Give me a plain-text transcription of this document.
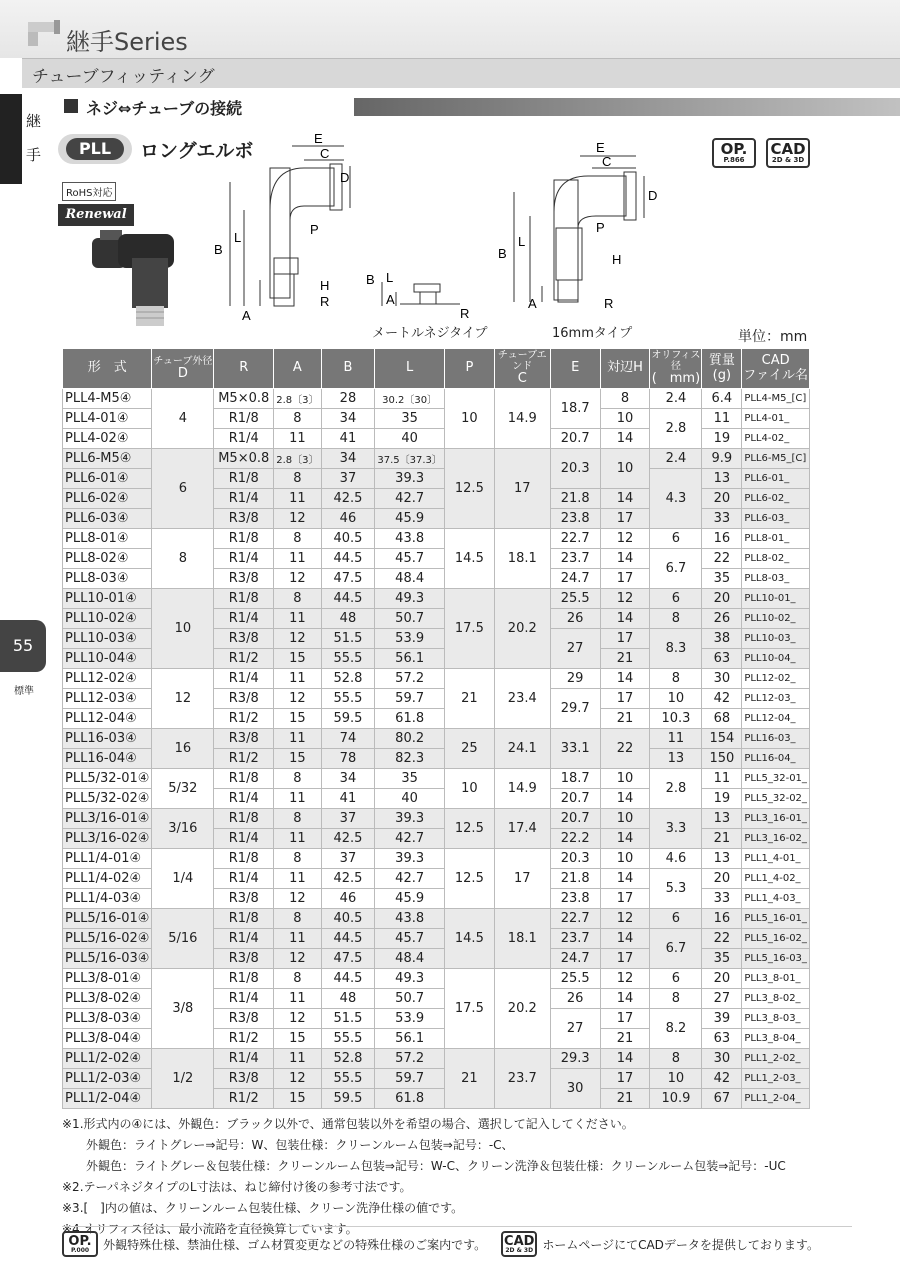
継手Series
チューブフィッティング
継
手
55
標準
ネジ⇔チューブの接続
PLL	ロングエルボ
RoHS対応
Renewal
E
C
D
P
B
L
H
R
A
B L
A
R
メートルネジタイプ
E
C
D
P
B
L
H
R
A
16mmタイプ
OP.
P.866
CAD
2D & 3D
単位：mm
形　式	チューブ外径
D	R	A	B	L	P	チューブエンド
C	E	対辺H	オリフィス径
(　mm)	質量
(g)	CAD
ファイル名
PLL4-M5④	4	M5×0.8	2.8〔3〕	28	30.2〔30〕	10	14.9	18.7	8	2.4	6.4	PLL4-M5_[C]
PLL4-01④		R1/8	8	34	35				10	2.8	11	PLL4-01_
PLL4-02④		R1/4	11	41	40			20.7	14		19	PLL4-02_
PLL6-M5④	6	M5×0.8	2.8〔3〕	34	37.5〔37.3〕	12.5	17	20.3	10	2.4	9.9	PLL6-M5_[C]
PLL6-01④		R1/8	8	37	39.3					4.3	13	PLL6-01_
PLL6-02④		R1/4	11	42.5	42.7			21.8	14		20	PLL6-02_
PLL6-03④		R3/8	12	46	45.9			23.8	17		33	PLL6-03_
PLL8-01④	8	R1/8	8	40.5	43.8	14.5	18.1	22.7	12	6	16	PLL8-01_
PLL8-02④		R1/4	11	44.5	45.7			23.7	14	6.7	22	PLL8-02_
PLL8-03④		R3/8	12	47.5	48.4			24.7	17		35	PLL8-03_
PLL10-01④	10	R1/8	8	44.5	49.3	17.5	20.2	25.5	12	6	20	PLL10-01_
PLL10-02④		R1/4	11	48	50.7			26	14	8	26	PLL10-02_
PLL10-03④		R3/8	12	51.5	53.9			27	17	8.3	38	PLL10-03_
PLL10-04④		R1/2	15	55.5	56.1				21		63	PLL10-04_
PLL12-02④	12	R1/4	11	52.8	57.2	21	23.4	29	14	8	30	PLL12-02_
PLL12-03④		R3/8	12	55.5	59.7			29.7	17	10	42	PLL12-03_
PLL12-04④		R1/2	15	59.5	61.8				21	10.3	68	PLL12-04_
PLL16-03④	16	R3/8	11	74	80.2	25	24.1	33.1	22	11	154	PLL16-03_
PLL16-04④		R1/2	15	78	82.3					13	150	PLL16-04_
PLL5/32-01④	5/32	R1/8	8	34	35	10	14.9	18.7	10	2.8	11	PLL5_32-01_
PLL5/32-02④		R1/4	11	41	40			20.7	14		19	PLL5_32-02_
PLL3/16-01④	3/16	R1/8	8	37	39.3	12.5	17.4	20.7	10	3.3	13	PLL3_16-01_
PLL3/16-02④		R1/4	11	42.5	42.7			22.2	14		21	PLL3_16-02_
PLL1/4-01④	1/4	R1/8	8	37	39.3	12.5	17	20.3	10	4.6	13	PLL1_4-01_
PLL1/4-02④		R1/4	11	42.5	42.7			21.8	14	5.3	20	PLL1_4-02_
PLL1/4-03④		R3/8	12	46	45.9			23.8	17		33	PLL1_4-03_
PLL5/16-01④	5/16	R1/8	8	40.5	43.8	14.5	18.1	22.7	12	6	16	PLL5_16-01_
PLL5/16-02④		R1/4	11	44.5	45.7			23.7	14	6.7	22	PLL5_16-02_
PLL5/16-03④		R3/8	12	47.5	48.4			24.7	17		35	PLL5_16-03_
PLL3/8-01④	3/8	R1/8	8	44.5	49.3	17.5	20.2	25.5	12	6	20	PLL3_8-01_
PLL3/8-02④		R1/4	11	48	50.7			26	14	8	27	PLL3_8-02_
PLL3/8-03④		R3/8	12	51.5	53.9			27	17	8.2	39	PLL3_8-03_
PLL3/8-04④		R1/2	15	55.5	56.1				21		63	PLL3_8-04_
PLL1/2-02④	1/2	R1/4	11	52.8	57.2	21	23.7	29.3	14	8	30	PLL1_2-02_
PLL1/2-03④		R3/8	12	55.5	59.7			30	17	10	42	PLL1_2-03_
PLL1/2-04④		R1/2	15	59.5	61.8				21	10.9	67	PLL1_2-04_
※1.形式内の④には、外観色：ブラック以外で、通常包装以外を希望の場合、選択して記入してください。
　　外観色：ライトグレー⇒記号：W、包装仕様：クリーンルーム包装⇒記号：-C、
　　外観色：ライトグレー＆包装仕様：クリーンルーム包装⇒記号：W-C、クリーン洗浄＆包装仕様：クリーンルーム包装⇒記号：-UC
※2.テーパネジタイプのL寸法は、ねじ締付け後の参考寸法です。
※3.[　]内の値は、クリーンルーム包装仕様、クリーン洗浄仕様の値です。
※4.オリフィス径は、最小流路を直径換算しています。
OP.
P.000	外観特殊仕様、禁油仕様、ゴム材質変更などの特殊仕様のご案内です。 CAD
2D & 3D ホームページにてCADデータを提供しております。
